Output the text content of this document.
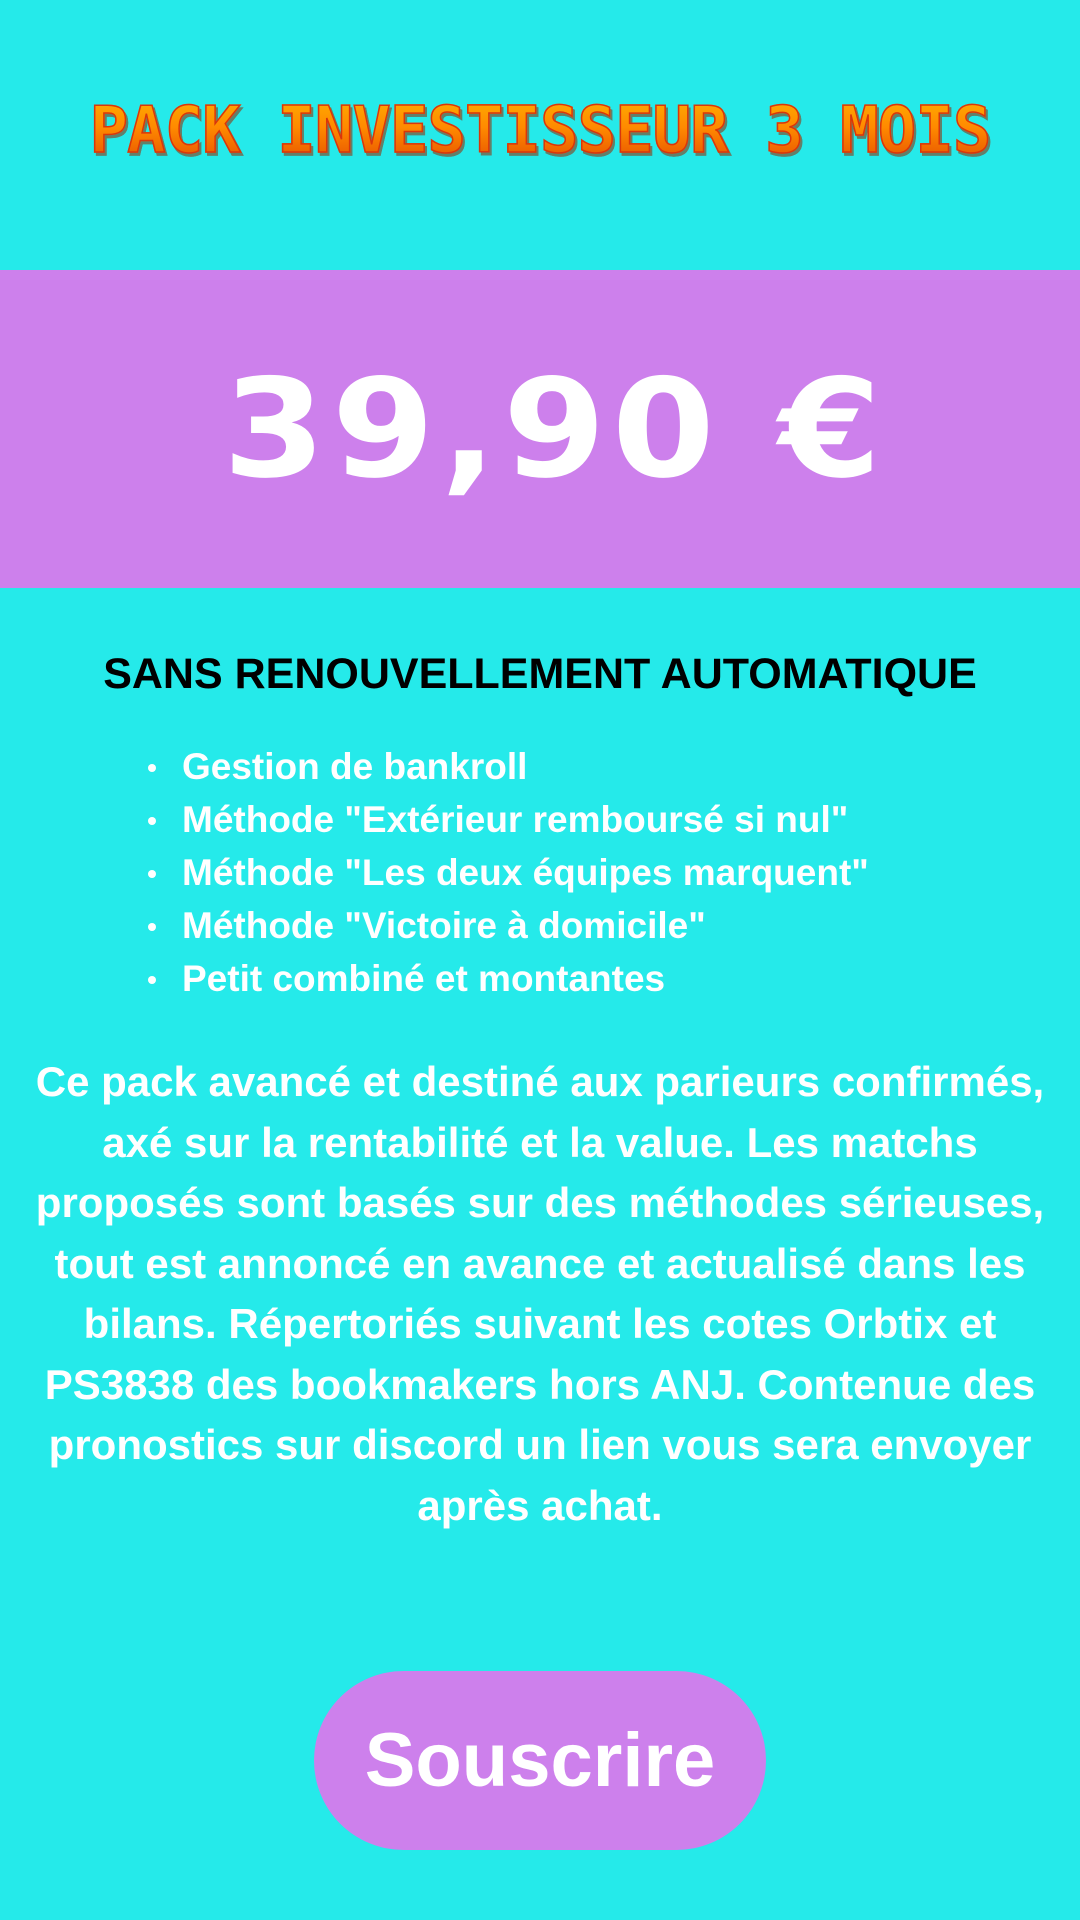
PACK INVESTISSEUR 3 MOIS
39,90 €
SANS RENOUVELLEMENT AUTOMATIQUE
Gestion de bankroll
Méthode "Extérieur remboursé si nul"
Méthode "Les deux équipes marquent"
Méthode "Victoire à domicile"
Petit combiné et montantes

Ce pack avancé et destiné aux parieurs confirmés, axé sur la rentabilité et la value. Les matchs proposés sont basés sur des méthodes sérieuses, tout est annoncé en avance et actualisé dans les bilans. Répertoriés suivant les cotes Orbtix et PS3838 des bookmakers hors ANJ. Contenue des pronostics sur discord un lien vous sera envoyer après achat.

Souscrire
